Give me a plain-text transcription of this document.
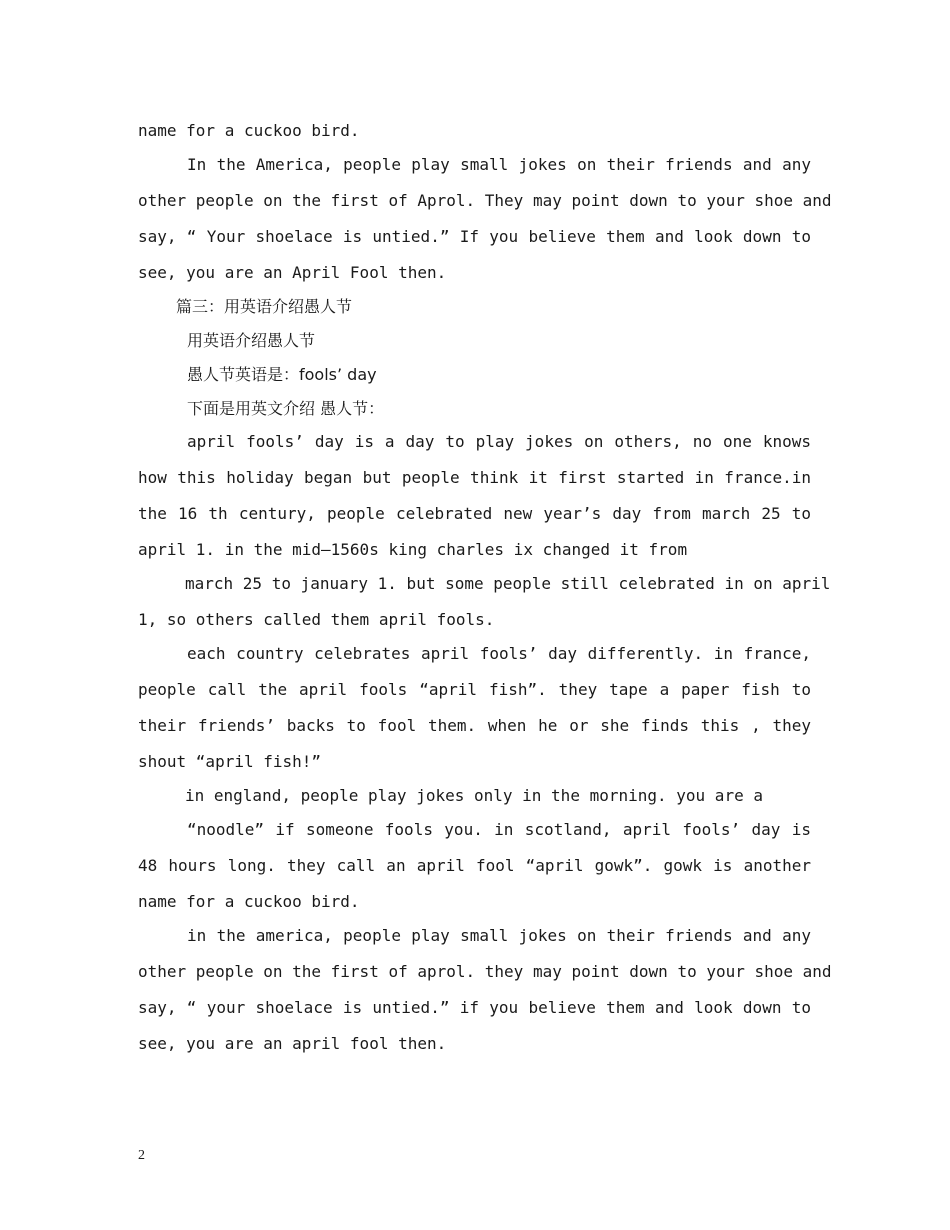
name for a cuckoo bird.
In the America, people play small jokes on their friends and any
other people on the first of Aprol. They may point down to your shoe and
say, “ Your shoelace is untied.” If you believe them and look down to
see, you are an April Fool then.
篇三：用英语介绍愚人节
用英语介绍愚人节
愚人节英语是：fools’ day
下面是用英文介绍 愚人节：
april fools’ day is a day to play jokes on others, no one knows
how this holiday began but people think it first started in france.in
the 16 th century, people celebrated new year’s day from march 25 to
april 1. in the mid—1560s king charles ix changed it from
march 25 to january 1. but some people still celebrated in on april
1, so others called them april fools.
each country celebrates april fools’ day differently. in france,
people call the april fools “april fish”. they tape a paper fish to
their friends’ backs to fool them. when he or she finds this , they
shout “april fish!”
in england, people play jokes only in the morning. you are a
“noodle” if someone fools you. in scotland, april fools’ day is
48 hours long. they call an april fool “april gowk”. gowk is another
name for a cuckoo bird.
in the america, people play small jokes on their friends and any
other people on the first of aprol. they may point down to your shoe and
say, “ your shoelace is untied.” if you believe them and look down to
see, you are an april fool then.
2
